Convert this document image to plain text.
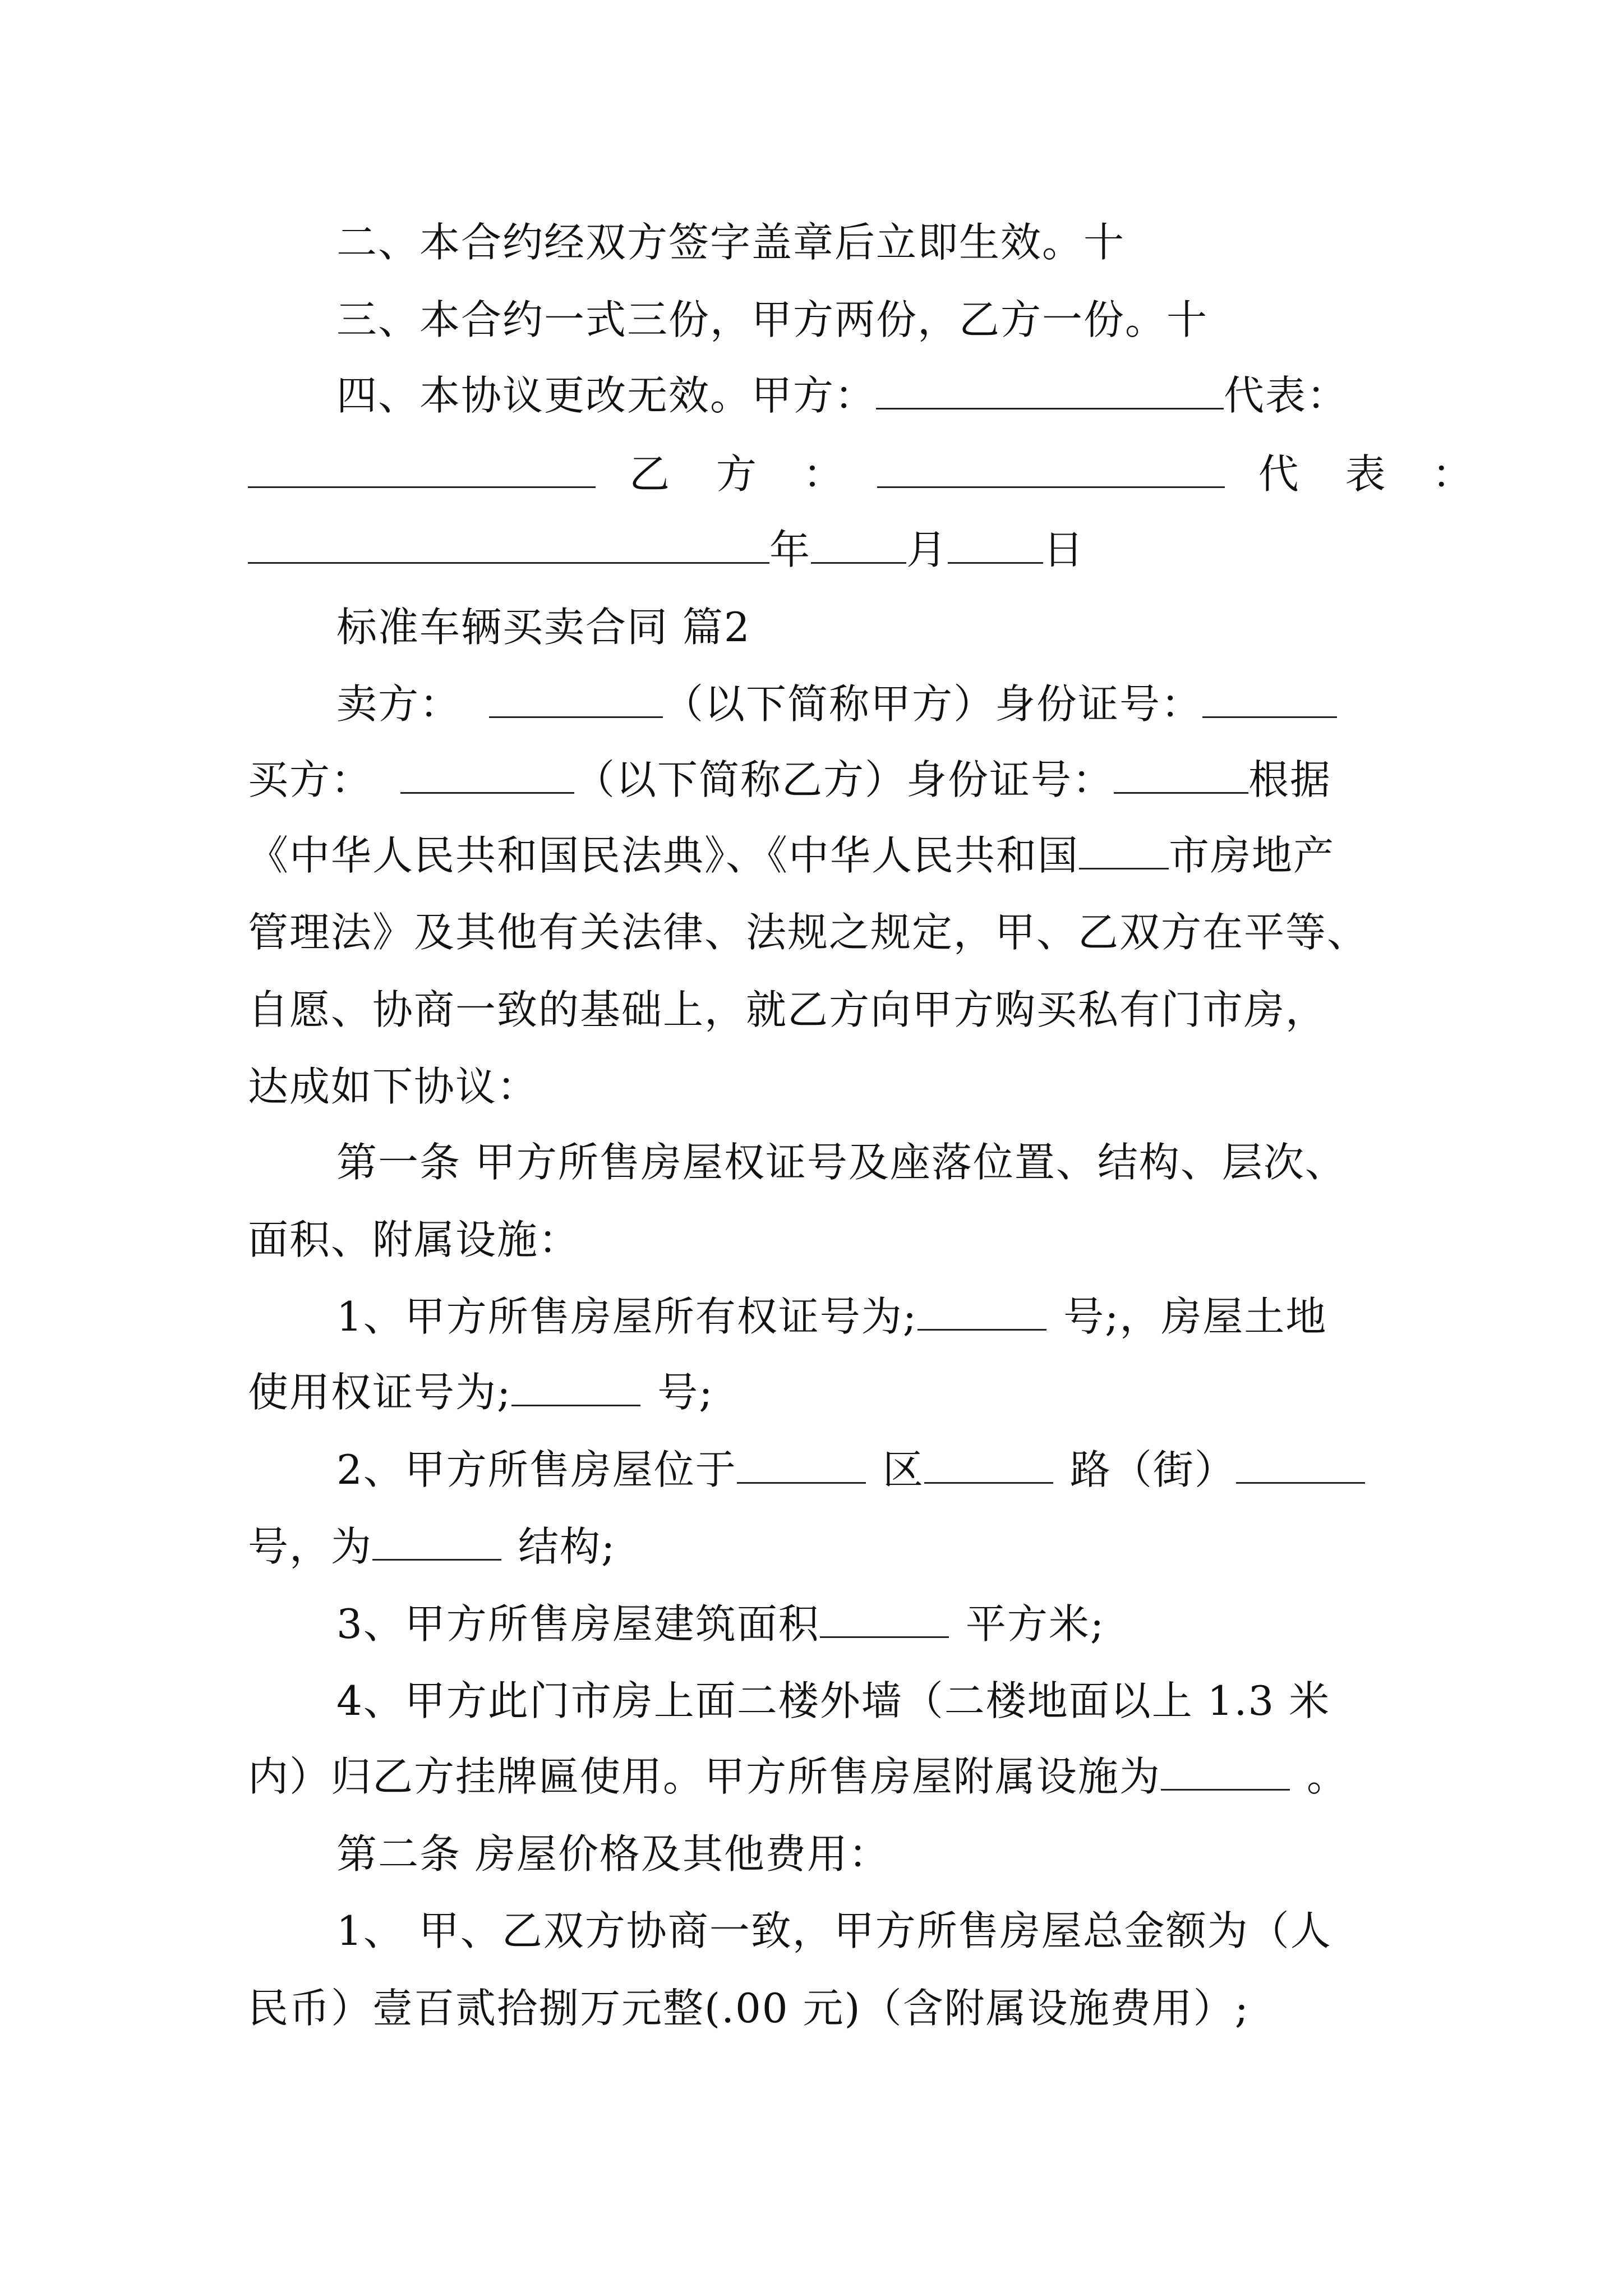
二、本合约经双方签字盖章后立即生效。十
三、本合约一式三份，甲方两份，乙方一份。十
四、本协议更改无效。甲方：	代表：
乙 方 ：	代 表 ：
年 月 日
标准车辆买卖合同 篇2
卖方：	（以下简称甲方）身份证号：
买方：	（以下简称乙方）身份证号：	根据
《中华人民共和国民法典》、《中华人民共和国 市房地产
管理法》及其他有关法律、法规之规定，甲、乙双方在平等、
自愿、协商一致的基础上，就乙方向甲方购买私有门市房，
达成如下协议：
第一条 甲方所售房屋权证号及座落位置、结构、层次、
面积、附属设施：
1、甲方所售房屋所有权证号为;	号;，房屋土地
使用权证号为;	号;
2、甲方所售房屋位于	区	路（街）
号，为	结构;
3、甲方所售房屋建筑面积	平方米;
4、甲方此门市房上面二楼外墙（二楼地面以上 1.3 米
内）归乙方挂牌匾使用。甲方所售房屋附属设施为	。
第二条 房屋价格及其他费用：
1、 甲、乙双方协商一致，甲方所售房屋总金额为（人
民币）壹百贰拾捌万元整(.00 元)（含附属设施费用）;
